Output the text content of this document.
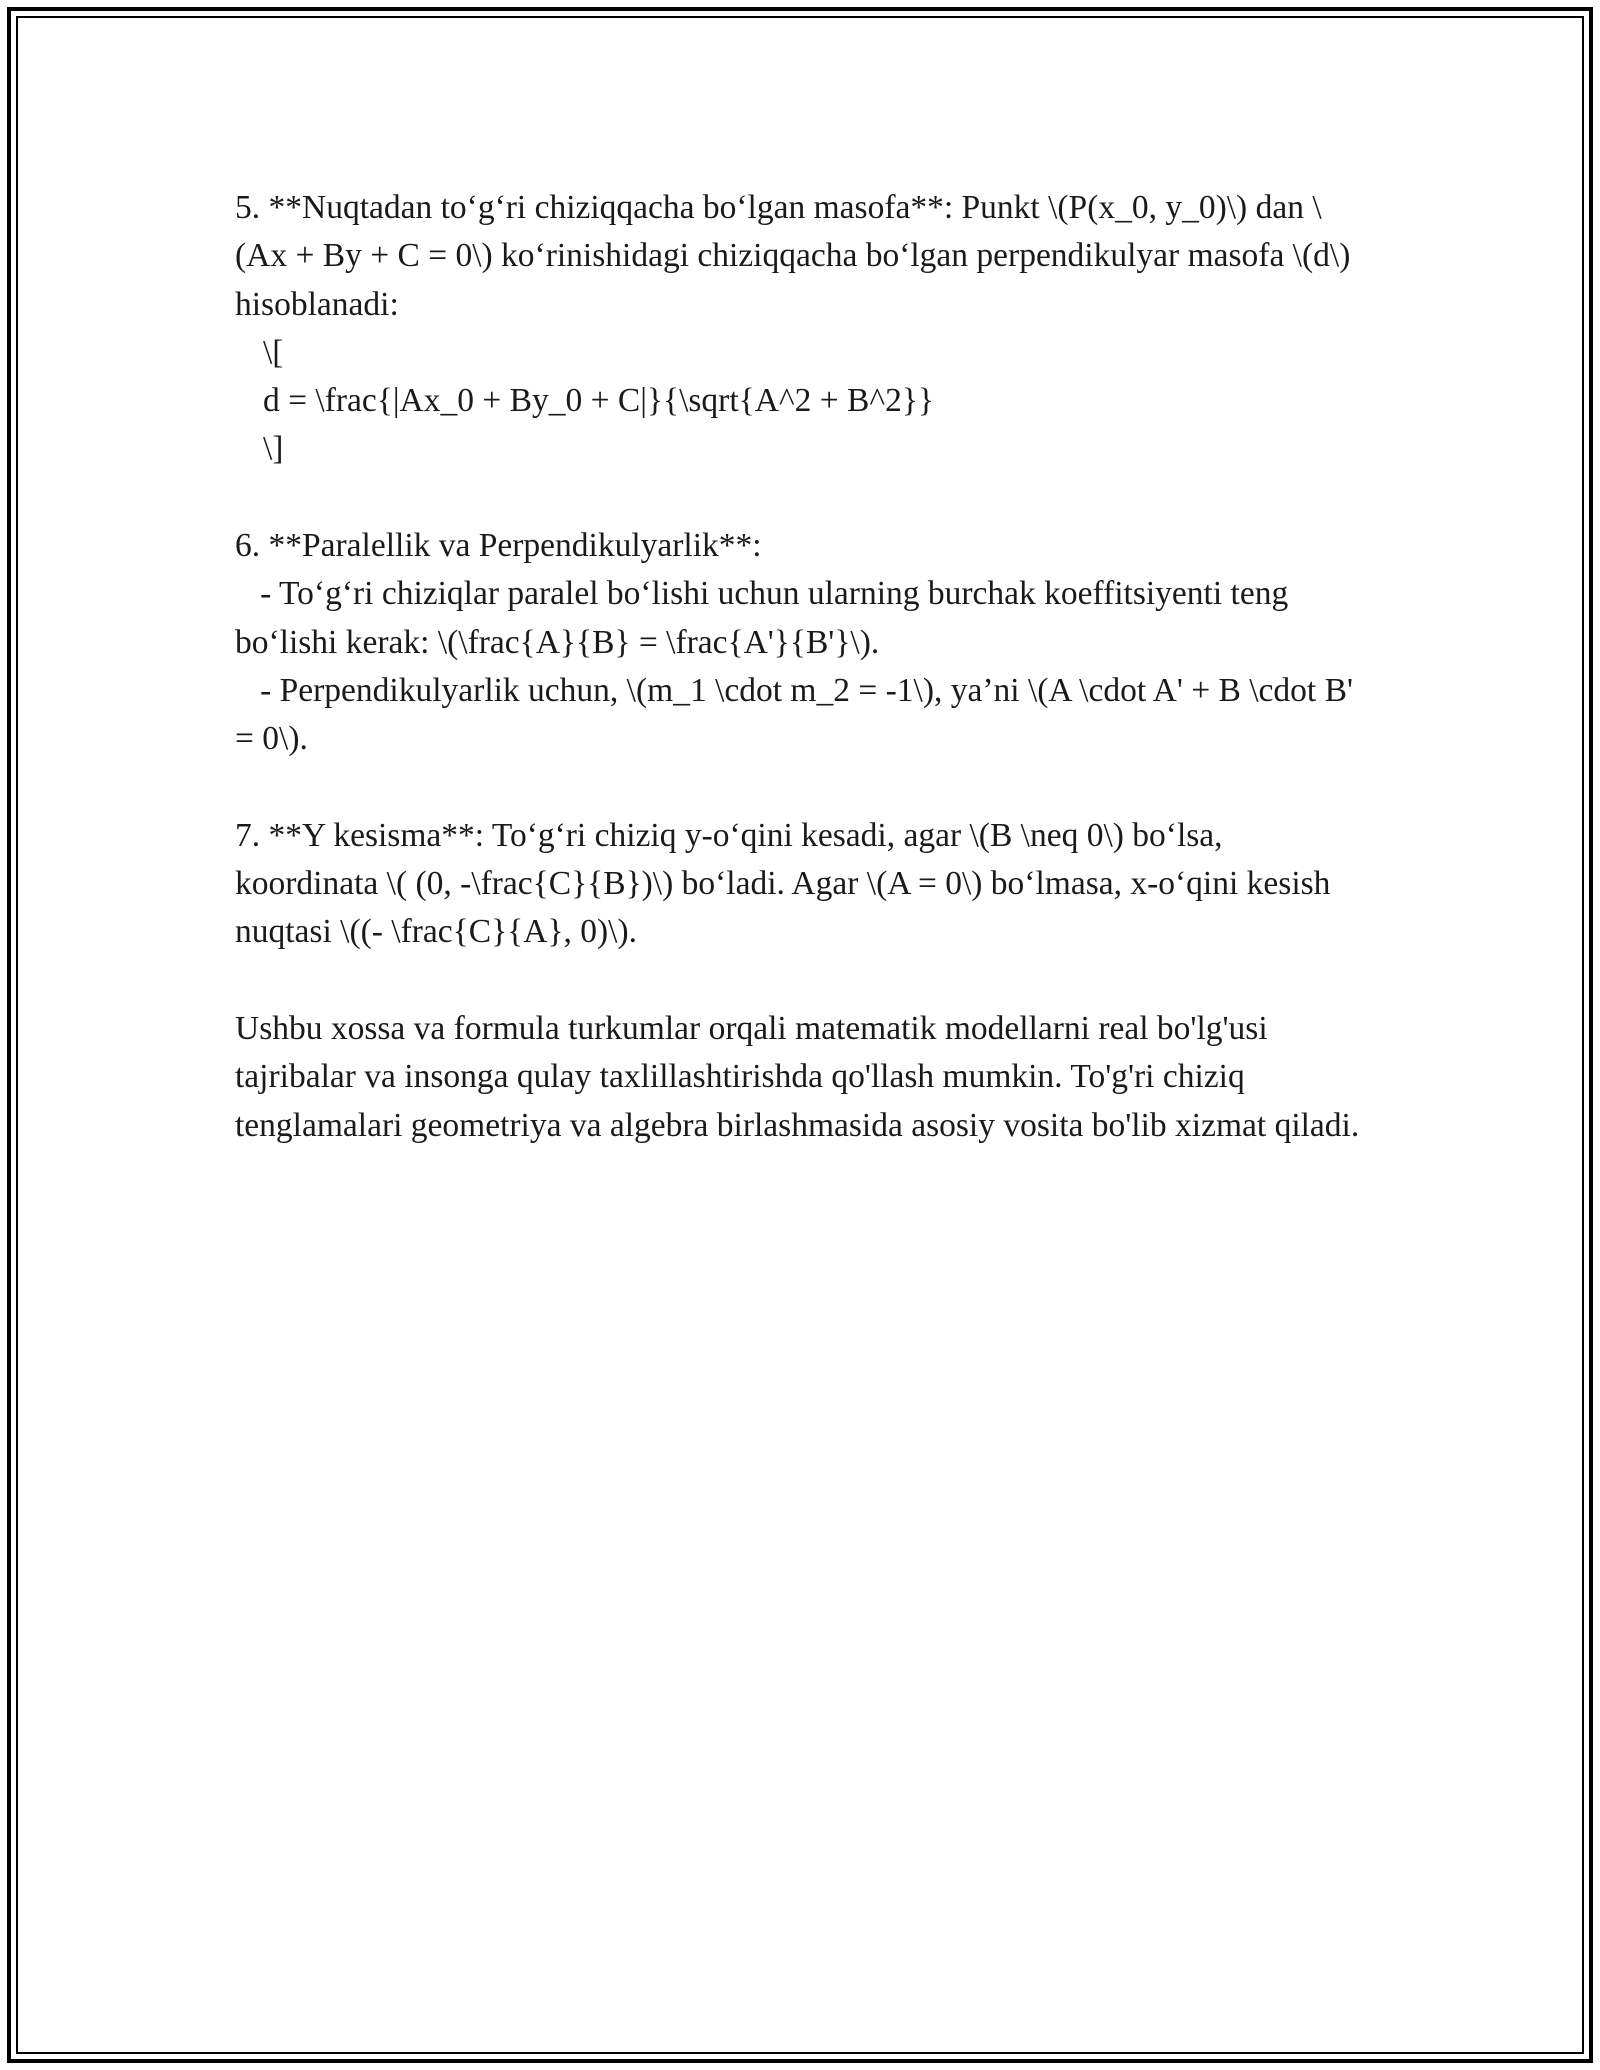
5. **Nuqtadan to‘g‘ri chiziqqacha bo‘lgan masofa**: Punkt \(P(x_0, y_0)\) dan \(Ax + By + C = 0\) ko‘rinishidagi chiziqqacha bo‘lgan perpendikulyar masofa \(d\) hisoblanadi:
\[
d = \frac{|Ax_0 + By_0 + C|}{\sqrt{A^2 + B^2}}
\]
6. **Paralellik va Perpendikulyarlik**:
- To‘g‘ri chiziqlar paralel bo‘lishi uchun ularning burchak koeffitsiyenti teng bo‘lishi kerak: \(\frac{A}{B} = \frac{A'}{B'}\).
- Perpendikulyarlik uchun, \(m_1 \cdot m_2 = -1\), ya’ni \(A \cdot A' + B \cdot B' = 0\).
7. **Y kesisma**: To‘g‘ri chiziq y-o‘qini kesadi, agar \(B \neq 0\) bo‘lsa, koordinata \( (0, -\frac{C}{B})\) bo‘ladi. Agar \(A = 0\) bo‘lmasa, x-o‘qini kesish nuqtasi \((- \frac{C}{A}, 0)\).
Ushbu xossa va formula turkumlar orqali matematik modellarni real bo'lg'usi tajribalar va insonga qulay taxlillashtirishda qo'llash mumkin. To'g'ri chiziq tenglamalari geometriya va algebra birlashmasida asosiy vosita bo'lib xizmat qiladi.
